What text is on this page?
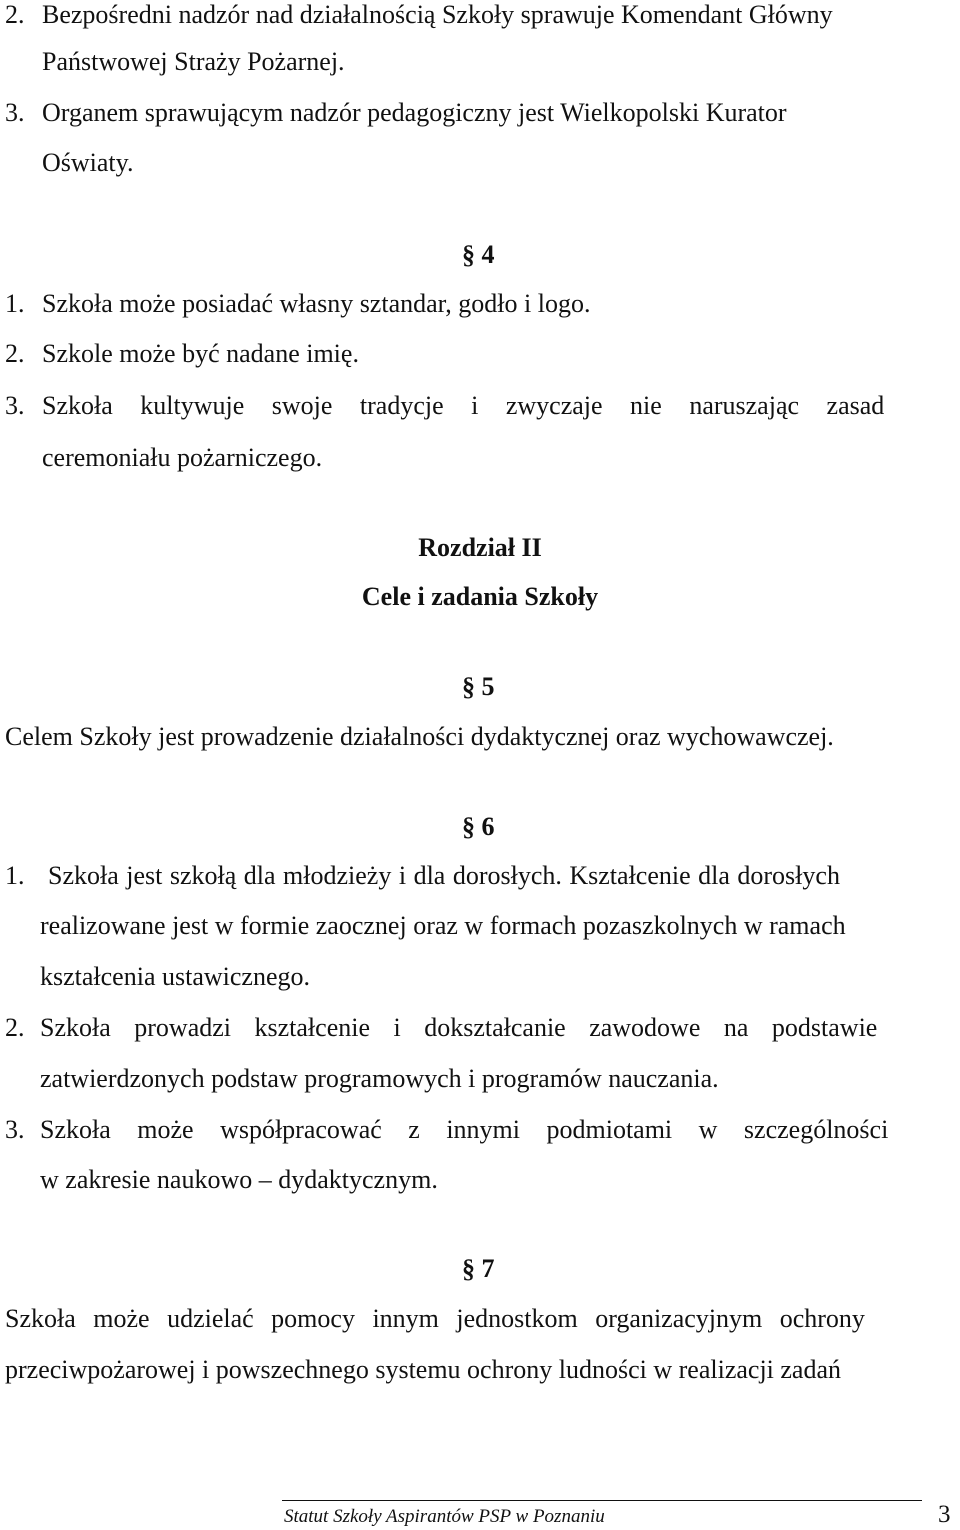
2. Bezpośredni nadzór nad działalnością Szkoły sprawuje Komendant Główny
Państwowej Straży Pożarnej.
3. Organem sprawującym nadzór pedagogiczny jest Wielkopolski Kurator
Oświaty.
§ 4
1. Szkoła może posiadać własny sztandar, godło i logo.
2. Szkole może być nadane imię.
3. Szkoła kultywuje swoje tradycje i zwyczaje nie naruszając zasad
ceremoniału pożarniczego.
Rozdział II
Cele i zadania Szkoły
§ 5
Celem Szkoły jest prowadzenie działalności dydaktycznej oraz wychowawczej.
§ 6
1. Szkoła jest szkołą dla młodzieży i dla dorosłych. Kształcenie dla dorosłych
realizowane jest w formie zaocznej oraz w formach pozaszkolnych w ramach
kształcenia ustawicznego.
2. Szkoła prowadzi kształcenie i dokształcanie zawodowe na podstawie
zatwierdzonych podstaw programowych i programów nauczania.
3. Szkoła może współpracować z innymi podmiotami w szczególności
w zakresie naukowo – dydaktycznym.
§ 7
Szkoła może udzielać pomocy innym jednostkom organizacyjnym ochrony
przeciwpożarowej i powszechnego systemu ochrony ludności w realizacji zadań
Statut Szkoły Aspirantów PSP w Poznaniu	3
